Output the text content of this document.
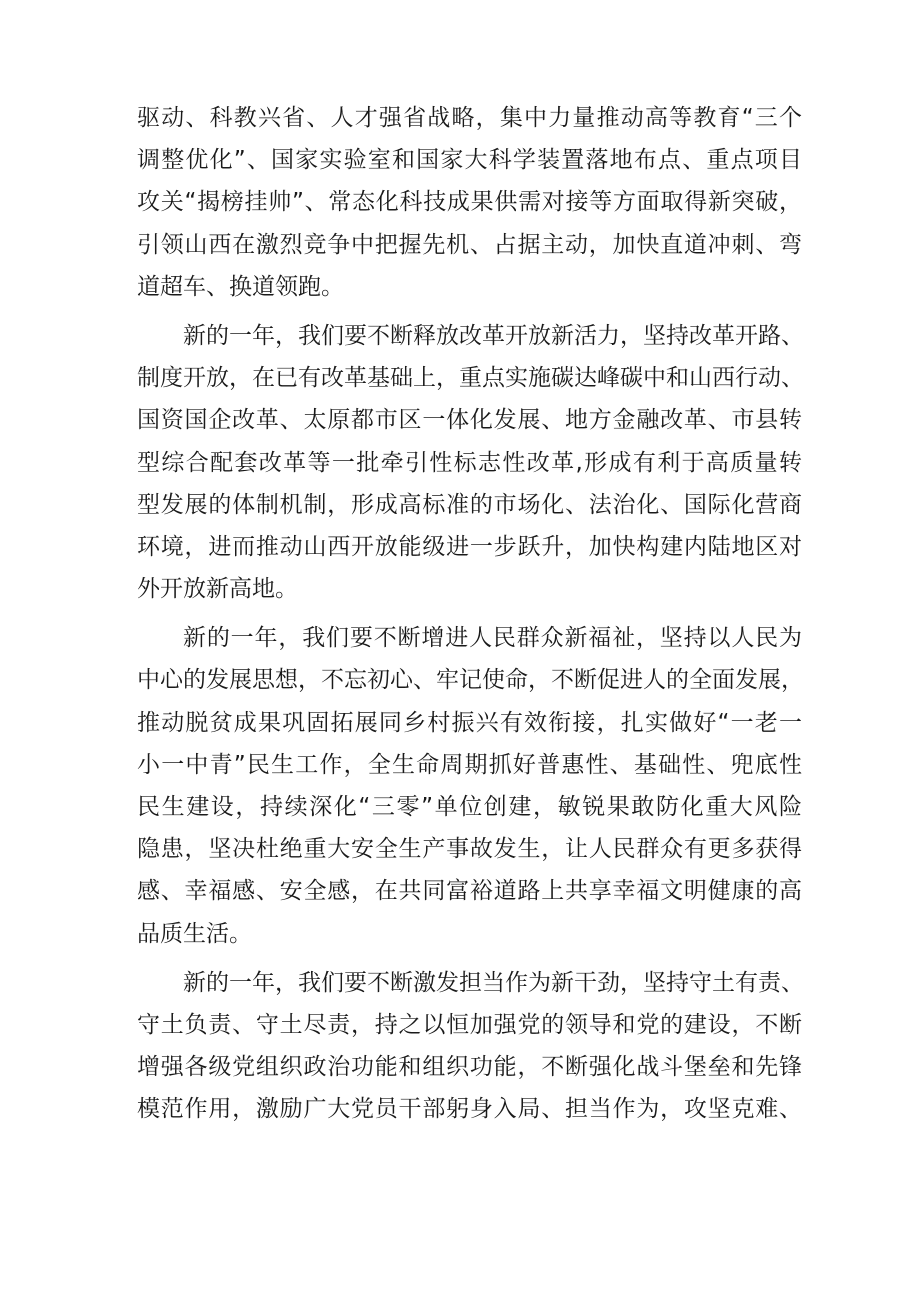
驱动、科教兴省、人才强省战略，集中力量推动高等教育“三个
调整优化”、国家实验室和国家大科学装置落地布点、重点项目
攻关“揭榜挂帅”、常态化科技成果供需对接等方面取得新突破，
引领山西在激烈竞争中把握先机、占据主动，加快直道冲刺、弯
道超车、换道领跑。
新的一年，我们要不断释放改革开放新活力，坚持改革开路、
制度开放，在已有改革基础上，重点实施碳达峰碳中和山西行动、
国资国企改革、太原都市区一体化发展、地方金融改革、市县转
型综合配套改革等一批牵引性标志性改革,形成有利于高质量转
型发展的体制机制，形成高标准的市场化、法治化、国际化营商
环境，进而推动山西开放能级进一步跃升，加快构建内陆地区对
外开放新高地。
新的一年，我们要不断增进人民群众新福祉，坚持以人民为
中心的发展思想，不忘初心、牢记使命，不断促进人的全面发展，
推动脱贫成果巩固拓展同乡村振兴有效衔接，扎实做好“一老一
小一中青”民生工作，全生命周期抓好普惠性、基础性、兜底性
民生建设，持续深化“三零”单位创建，敏锐果敢防化重大风险
隐患，坚决杜绝重大安全生产事故发生，让人民群众有更多获得
感、幸福感、安全感，在共同富裕道路上共享幸福文明健康的高
品质生活。
新的一年，我们要不断激发担当作为新干劲，坚持守土有责、
守土负责、守土尽责，持之以恒加强党的领导和党的建设，不断
增强各级党组织政治功能和组织功能，不断强化战斗堡垒和先锋
模范作用，激励广大党员干部躬身入局、担当作为，攻坚克难、
